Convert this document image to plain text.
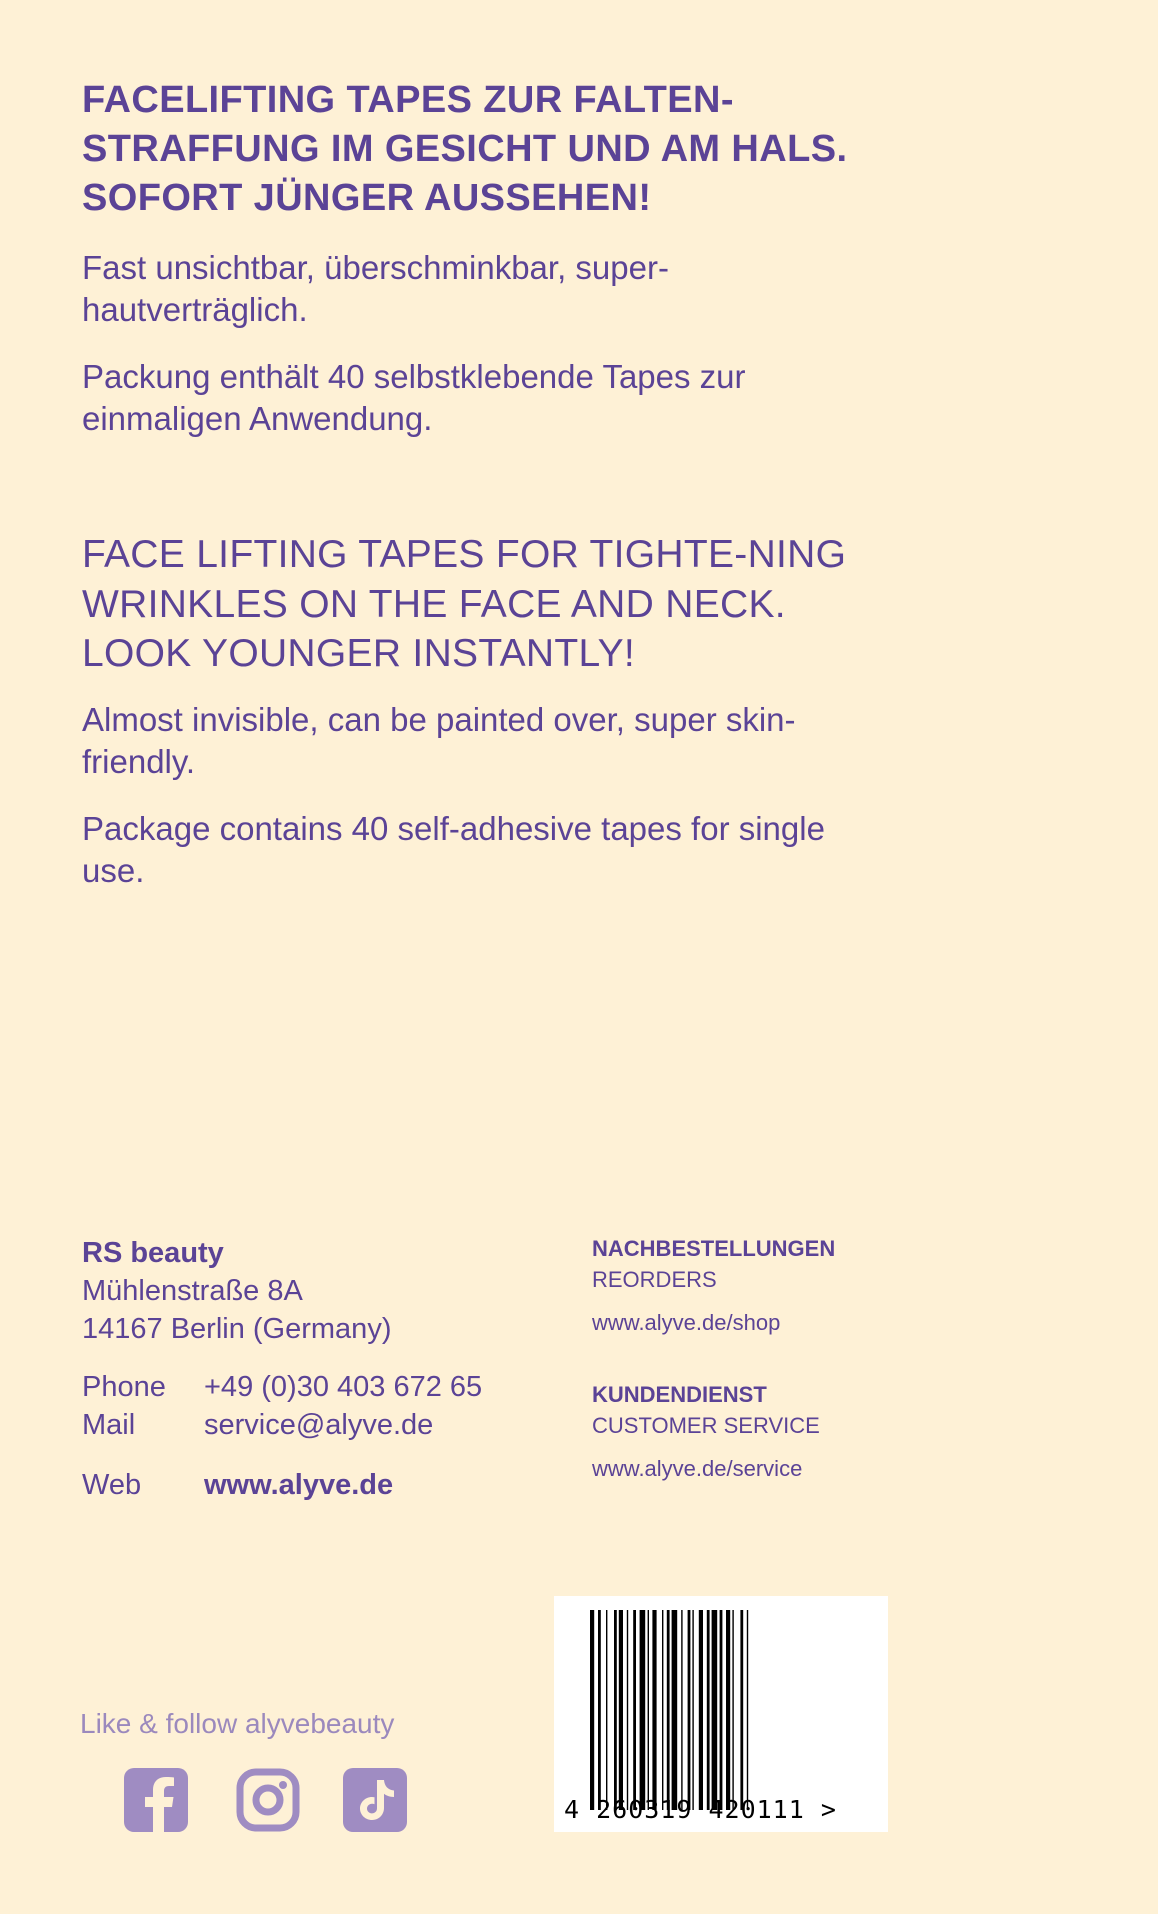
FACELIFTING TAPES ZUR FALTEN-STRAFFUNG IM GESICHT UND AM HALS. SOFORT JÜNGER AUSSEHEN!

Fast unsichtbar, überschminkbar, super-hautverträglich.

Packung enthält 40 selbstklebende Tapes zur einmaligen Anwendung.

FACE LIFTING TAPES FOR TIGHTE-NING WRINKLES ON THE FACE AND NECK. LOOK YOUNGER INSTANTLY!

Almost invisible, can be painted over, super skin-friendly.

Package contains 40 self-adhesive tapes for single use.

RS beauty
Mühlenstraße 8A
14167 Berlin (Germany)
Phone	+49 (0)30 403 672 65
Mail	service@alyve.de
Web	www.alyve.de
NACHBESTELLUNGEN
REORDERS
www.alyve.de/shop
KUNDENDIENST
CUSTOMER SERVICE
www.alyve.de/service
Like & follow alyvebeauty
4 260319 420111 >
